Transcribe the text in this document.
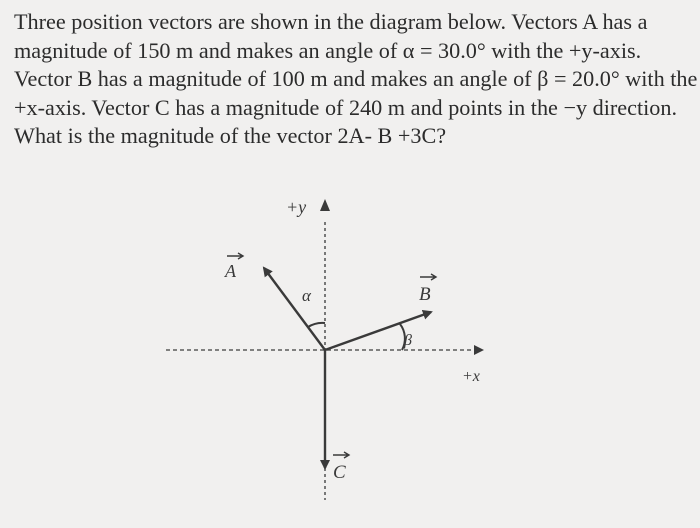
Three position vectors are shown in the diagram below. Vectors A has a
magnitude of 150 m and makes an angle of α = 30.0° with the +y-axis.
Vector B has a magnitude of 100 m and makes an angle of β = 20.0° with the
+x-axis. Vector C has a magnitude of 240 m and points in the −y direction.
What is the magnitude of the vector 2A- B +3C?
+y
+x
A
B
C
α
β
